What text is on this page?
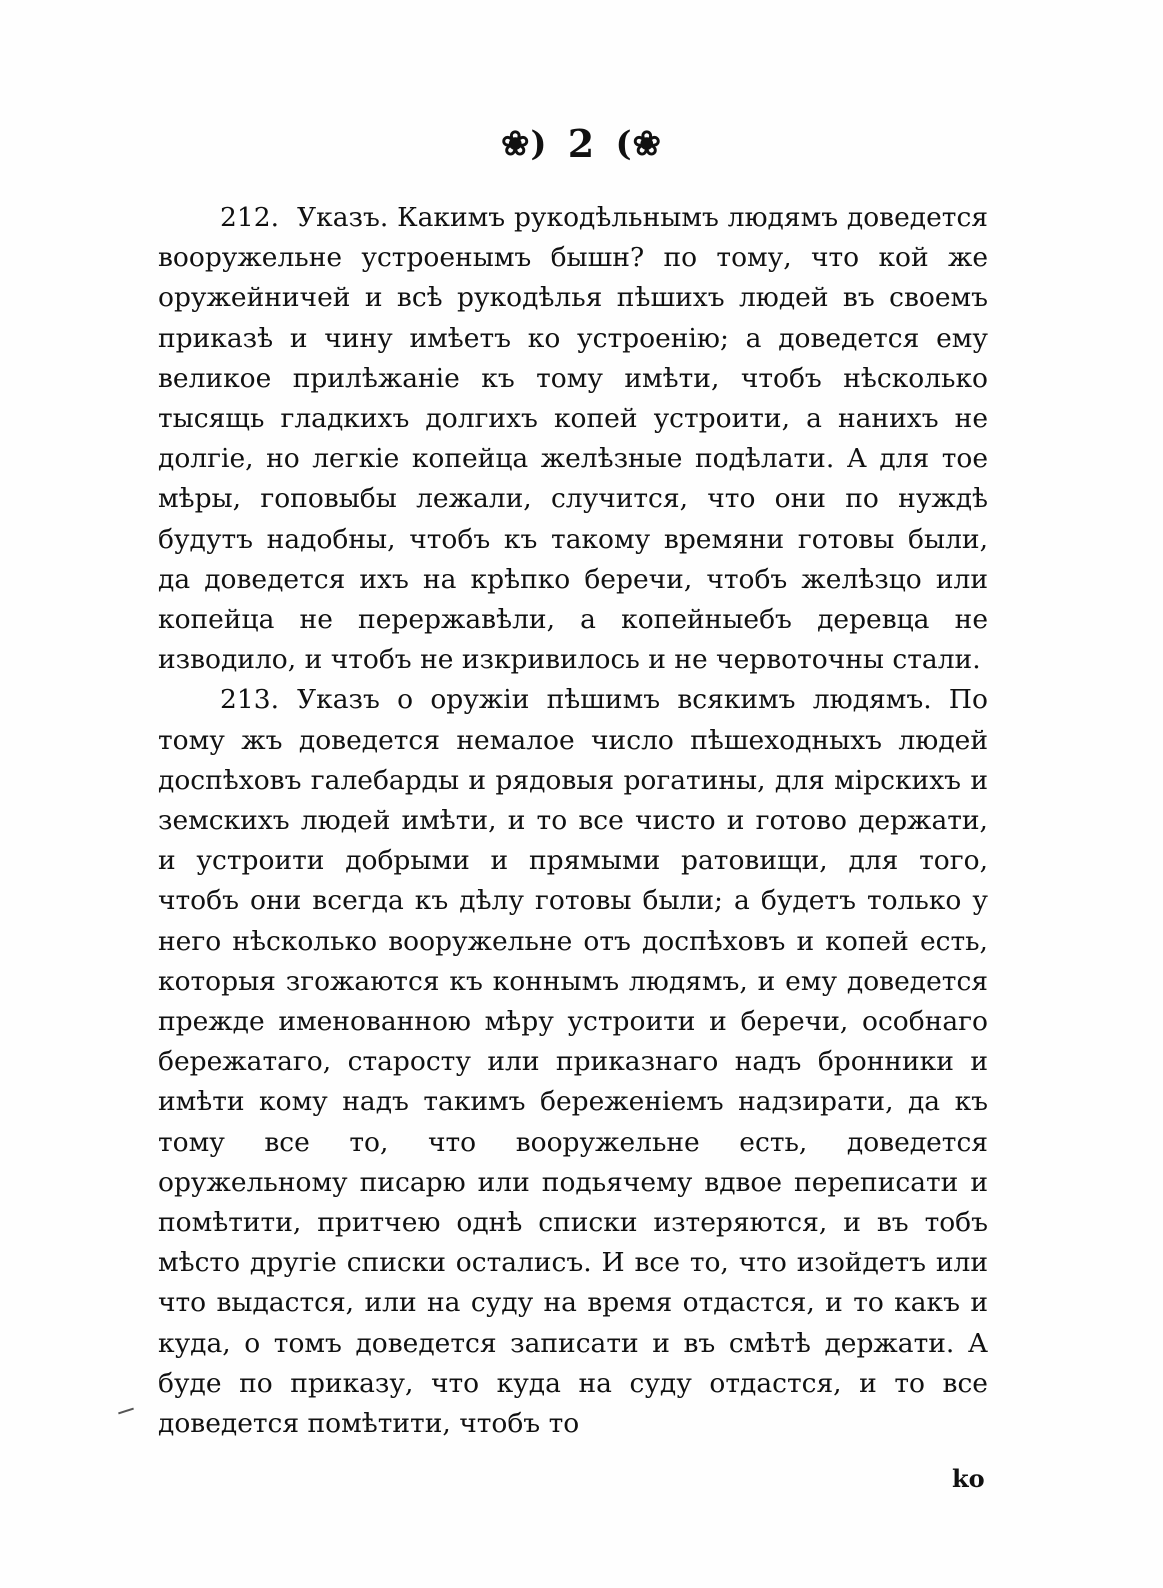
❀) 2 (❀

212. Указъ. Какимъ рукодѣльнымъ людямъ доведется вооружельне устроенымъ бышн? по тому, что кой же оружейничей и всѣ рукодѣлья пѣшихъ людей въ своемъ приказѣ и чину имѣетъ ко устроенію; а доведется ему великое прилѣжаніе къ тому имѣти, чтобъ нѣсколько тысящь гладкихъ долгихъ копей устроити, а нанихъ не долгіе, но легкіе копейца желѣзные подѣлати. А для тое мѣры, гоповыбы лежали, случится, что они по нуждѣ будутъ надобны, чтобъ къ такому времяни готовы были, да доведется ихъ на крѣпко беречи, чтобъ желѣзцо или копейца не перержавѣли, а копейныебъ деревца не изводило, и чтобъ не изкривилось и не червоточны стали.

213. Указъ о оружіи пѣшимъ всякимъ людямъ. По тому жъ доведется немалое число пѣшеходныхъ людей доспѣховъ галебарды и рядовыя рогатины, для мірскихъ и земскихъ людей имѣти, и то все чисто и готово держати, и устроити добрыми и прямыми ратовищи, для того, чтобъ они всегда къ дѣлу готовы были; а будетъ только у него нѣсколько вооружельне отъ доспѣховъ и копей есть, которыя згожаются къ коннымъ людямъ, и ему доведется прежде именованною мѣру устроити и беречи, особнаго бережатаго, старосту или приказнаго надъ бронники и имѣти кому надъ такимъ береженіемъ надзирати, да къ тому все то, что вооружельне есть, доведется оружельному писарю или подьячему вдвое переписати и помѣтити, притчею однѣ списки изтеряются, и въ тобъ мѣсто другіе списки осталисъ. И все то, что изойдетъ или что выдастся, или на суду на время отдастся, и то какъ и куда, о томъ доведется записати и въ смѣтѣ держати. А буде по приказу, что куда на суду отдастся, и то все доведется помѣтити, чтобъ то

ko
